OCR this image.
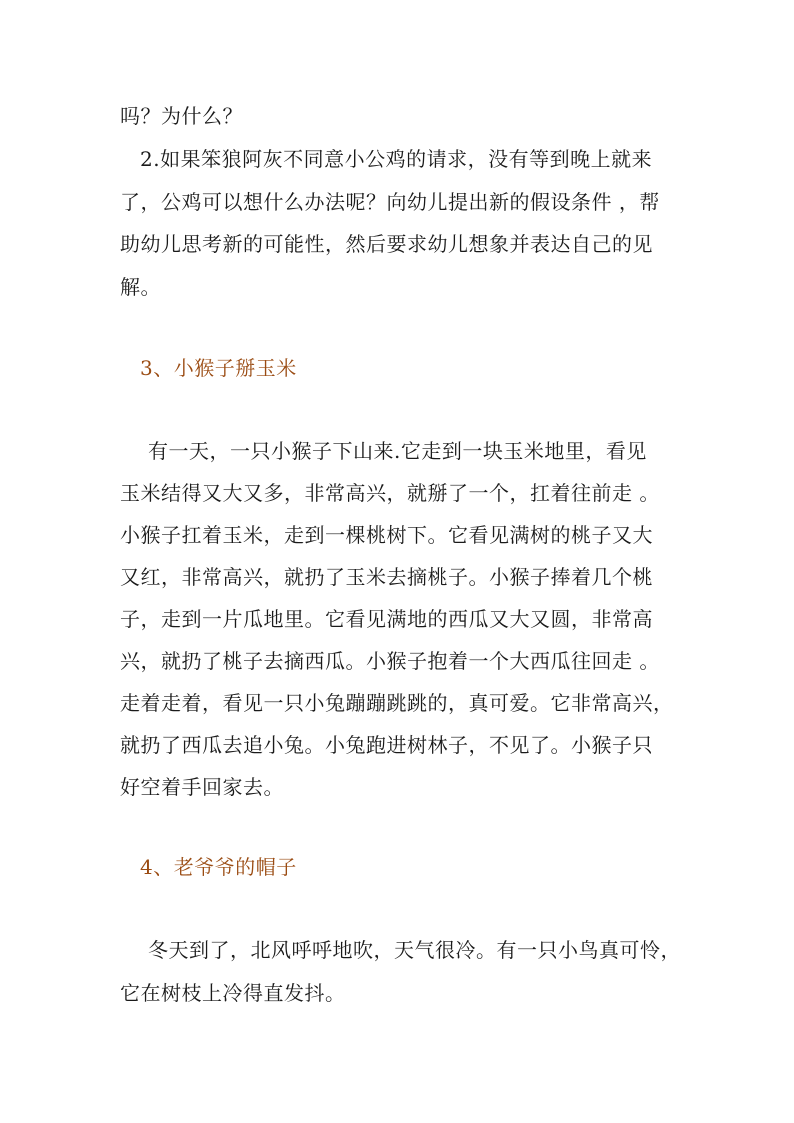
吗？为什么？
2.如果笨狼阿灰不同意小公鸡的请求，没有等到晚上就来
了，公鸡可以想什么办法呢？向幼儿提出新的假设条件 ，帮
助幼儿思考新的可能性，然后要求幼儿想象并表达自己的见
解。
3、小猴子掰玉米
有一天，一只小猴子下山来.它走到一块玉米地里，看见
玉米结得又大又多，非常高兴，就掰了一个，扛着往前走 。
小猴子扛着玉米，走到一棵桃树下。它看见满树的桃子又大
又红，非常高兴，就扔了玉米去摘桃子。小猴子捧着几个桃
子，走到一片瓜地里。它看见满地的西瓜又大又圆，非常高
兴，就扔了桃子去摘西瓜。小猴子抱着一个大西瓜往回走 。
走着走着，看见一只小兔蹦蹦跳跳的，真可爱。它非常高兴，
就扔了西瓜去追小兔。小兔跑进树林子，不见了。小猴子只
好空着手回家去。
4、老爷爷的帽子
冬天到了，北风呼呼地吹，天气很冷。有一只小鸟真可怜，
它在树枝上冷得直发抖。
